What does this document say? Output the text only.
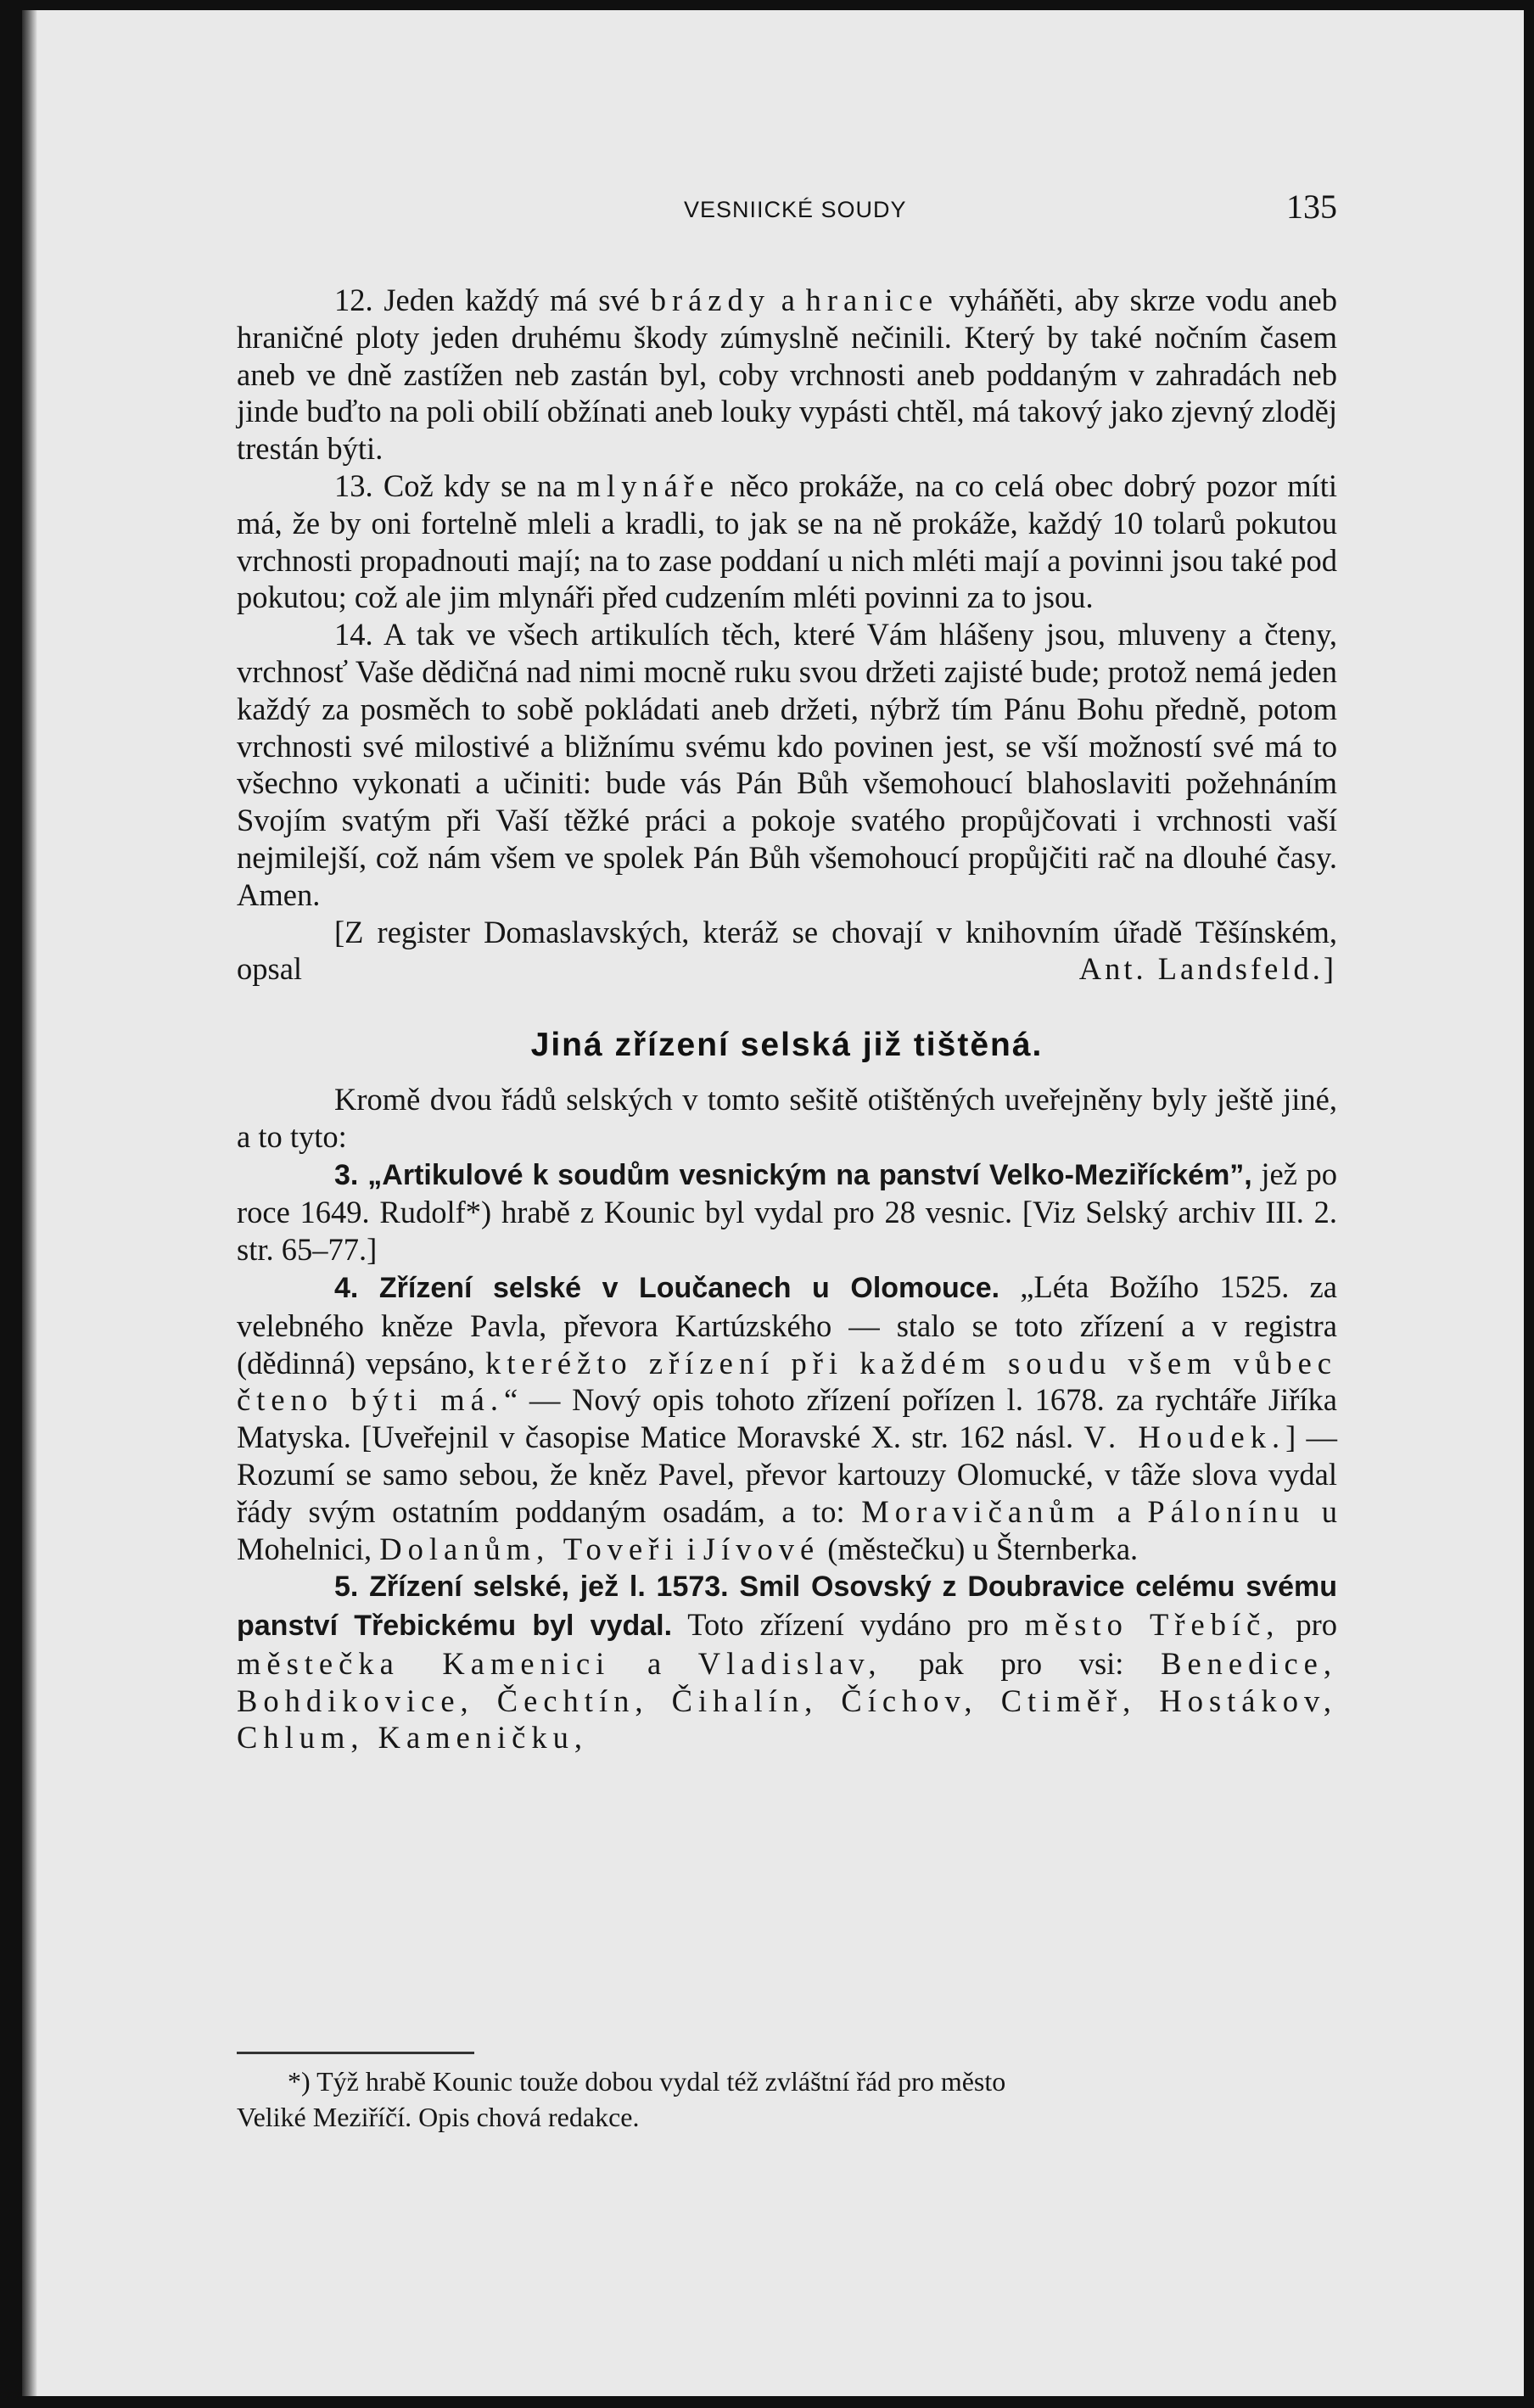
VESNIICKÉ SOUDY	135

12. Jeden každý má své brázdy a hranice vyháňěti, aby skrze vodu aneb hraničné ploty jeden druhému škody zúmyslně nečinili. Který by také nočním časem aneb ve dně zastížen neb zastán byl, coby vrchnosti aneb poddaným v zahradách neb jinde buďto na poli obilí obžínati aneb louky vypásti chtěl, má takový jako zjevný zloděj trestán býti.

13. Což kdy se na mlynáře něco prokáže, na co celá obec dobrý pozor míti má, že by oni fortelně mleli a kradli, to jak se na ně prokáže, každý 10 tolarů pokutou vrchnosti propadnouti mají; na to zase poddaní u nich mléti mají a povinni jsou také pod pokutou; což ale jim mlynáři před cudzením mléti povinni za to jsou.

14. A tak ve všech artikulích těch, které Vám hlášeny jsou, mluveny a čteny, vrchnosť Vaše dědičná nad nimi mocně ruku svou držeti zajisté bude; protož nemá jeden každý za posměch to sobě pokládati aneb držeti, nýbrž tím Pánu Bohu předně, potom vrchnosti své milostivé a bližnímu svému kdo povinen jest, se vší možností své má to všechno vykonati a učiniti: bude vás Pán Bůh všemohoucí blahoslaviti požehnáním Svojím svatým při Vaší těžké práci a pokoje svatého propůjčovati i vrchnosti vaší nejmilejší, což nám všem ve spolek Pán Bůh všemohoucí propůjčiti rač na dlouhé časy. Amen.

[Z register Domaslavských, kteráž se chovají v knihovním úřadě Těšínském, opsal	Ant. Landsfeld.]

Jiná zřízení selská již tištěná.

Kromě dvou řádů selských v tomto sešitě otištěných uveřejněny byly ještě jiné, a to tyto:

3. „Artikulové k soudům vesnickým na panství Velko-Meziříckém”, jež po roce 1649. Rudolf*) hrabě z Kounic byl vydal pro 28 vesnic. [Viz Selský archiv III. 2. str. 65–77.]

4. Zřízení selské v Loučanech u Olomouce. „Léta Božího 1525. za velebného kněze Pavla, převora Kartúzského — stalo se toto zřízení a v registra (dědinná) vepsáno, kteréžto zřízení při každém soudu všem vůbec čteno býti má.“ — Nový opis tohoto zřízení pořízen l. 1678. za rychtáře Jiříka Matyska. [Uveřejnil v časopise Matice Moravské X. str. 162 násl. V. Houdek.] — Rozumí se samo sebou, že kněz Pavel, převor kartouzy Olomucké, v tâže slova vydal řády svým ostatním poddaným osadám, a to: Moravičanům a Pálonínu u Mohelnici, Dolanům, Toveři i Jívové (městečku) u Šternberka.

5. Zřízení selské, jež l. 1573. Smil Osovský z Doubravice celému svému panství Třebickému byl vydal. Toto zřízení vydáno pro město Třebíč, pro městečka Kamenici a Vladislav, pak pro vsi: Benedice, Bohdikovice, Čechtín, Čihalín, Číchov, Ctiměř, Hostákov, Chlum, Kameničku,

*) Týž hrabě Kounic touže dobou vydal též zvláštní řád pro město
Veliké Meziříčí. Opis chová redakce.
